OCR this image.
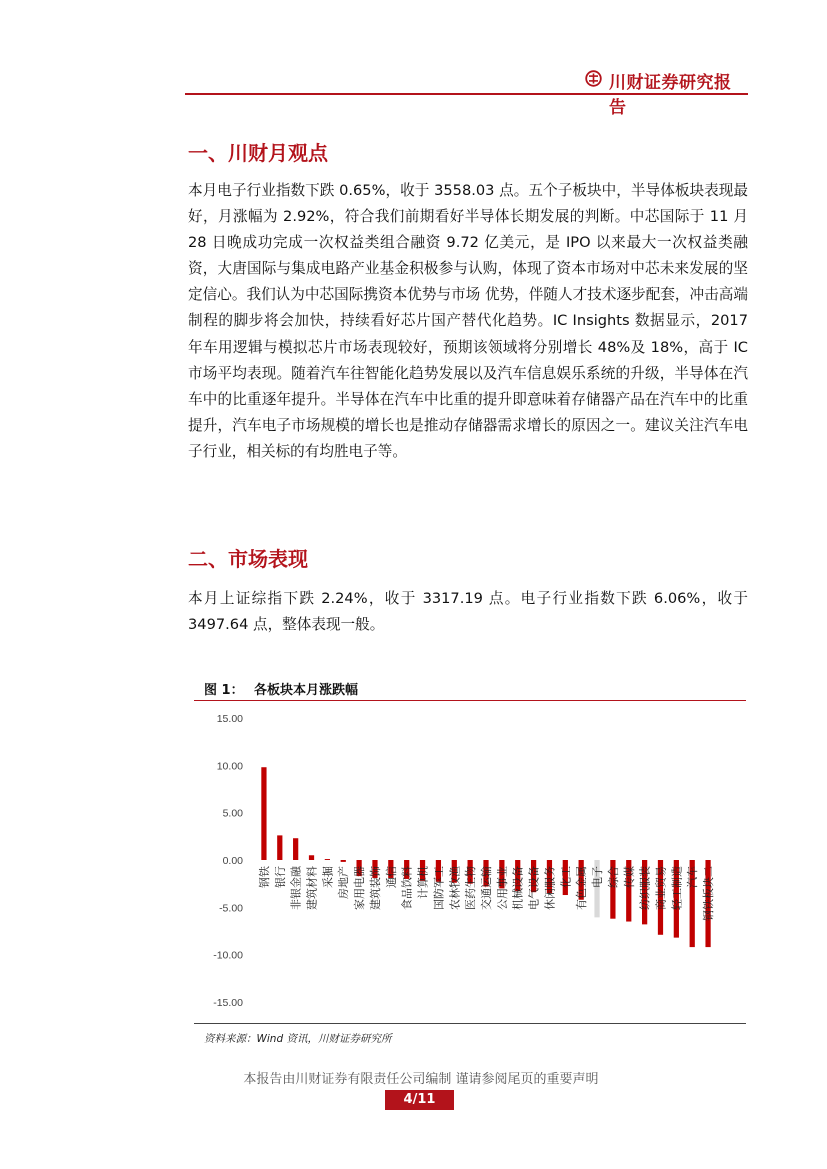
川财证券研究报告
一、川财月观点
本月电子行业指数下跌 0.65%，收于 3558.03 点。五个子板块中，半导体板块表现最好，月涨幅为 2.92%，符合我们前期看好半导体长期发展的判断。中芯国际于 11 月 28 日晚成功完成一次权益类组合融资 9.72 亿美元，是 IPO 以来最大一次权益类融资，大唐国际与集成电路产业基金积极参与认购，体现了资本市场对中芯未来发展的坚定信心。我们认为中芯国际携资本优势与市场 优势，伴随人才技术逐步配套，冲击高端制程的脚步将会加快，持续看好芯片国产替代化趋势。IC Insights 数据显示，2017 年车用逻辑与模拟芯片市场表现较好，预期该领域将分别增长 48%及 18%，高于 IC 市场平均表现。随着汽车往智能化趋势发展以及汽车信息娱乐系统的升级，半导体在汽车中的比重逐年提升。半导体在汽车中比重的提升即意味着存储器产品在汽车中的比重提升，汽车电子市场规模的增长也是推动存储器需求增长的原因之一。建议关注汽车电子行业，相关标的有均胜电子等。
二、市场表现
本月上证综指下跌 2.24%，收于 3317.19 点。电子行业指数下跌 6.06%，收于 3497.64 点，整体表现一般。
图 1： 各板块本月涨跌幅
15.00
10.00
5.00
0.00
-5.00
-10.00
-15.00
钢铁 银行 非银金融 建筑材料 采掘 房地产 家用电器 建筑装饰 通信 食品饮料 计算机 国防军工 农林牧渔 医药生物 交通运输 公用事业 机械设备 电气设备 休闲服务 化工 有色金属 电子 综合 传媒 纺织服装 商业贸易 轻工制造 汽车 钢铁板块二
资料来源：Wind 资讯，川财证券研究所
本报告由川财证券有限责任公司编制 谨请参阅尾页的重要声明
4/11
